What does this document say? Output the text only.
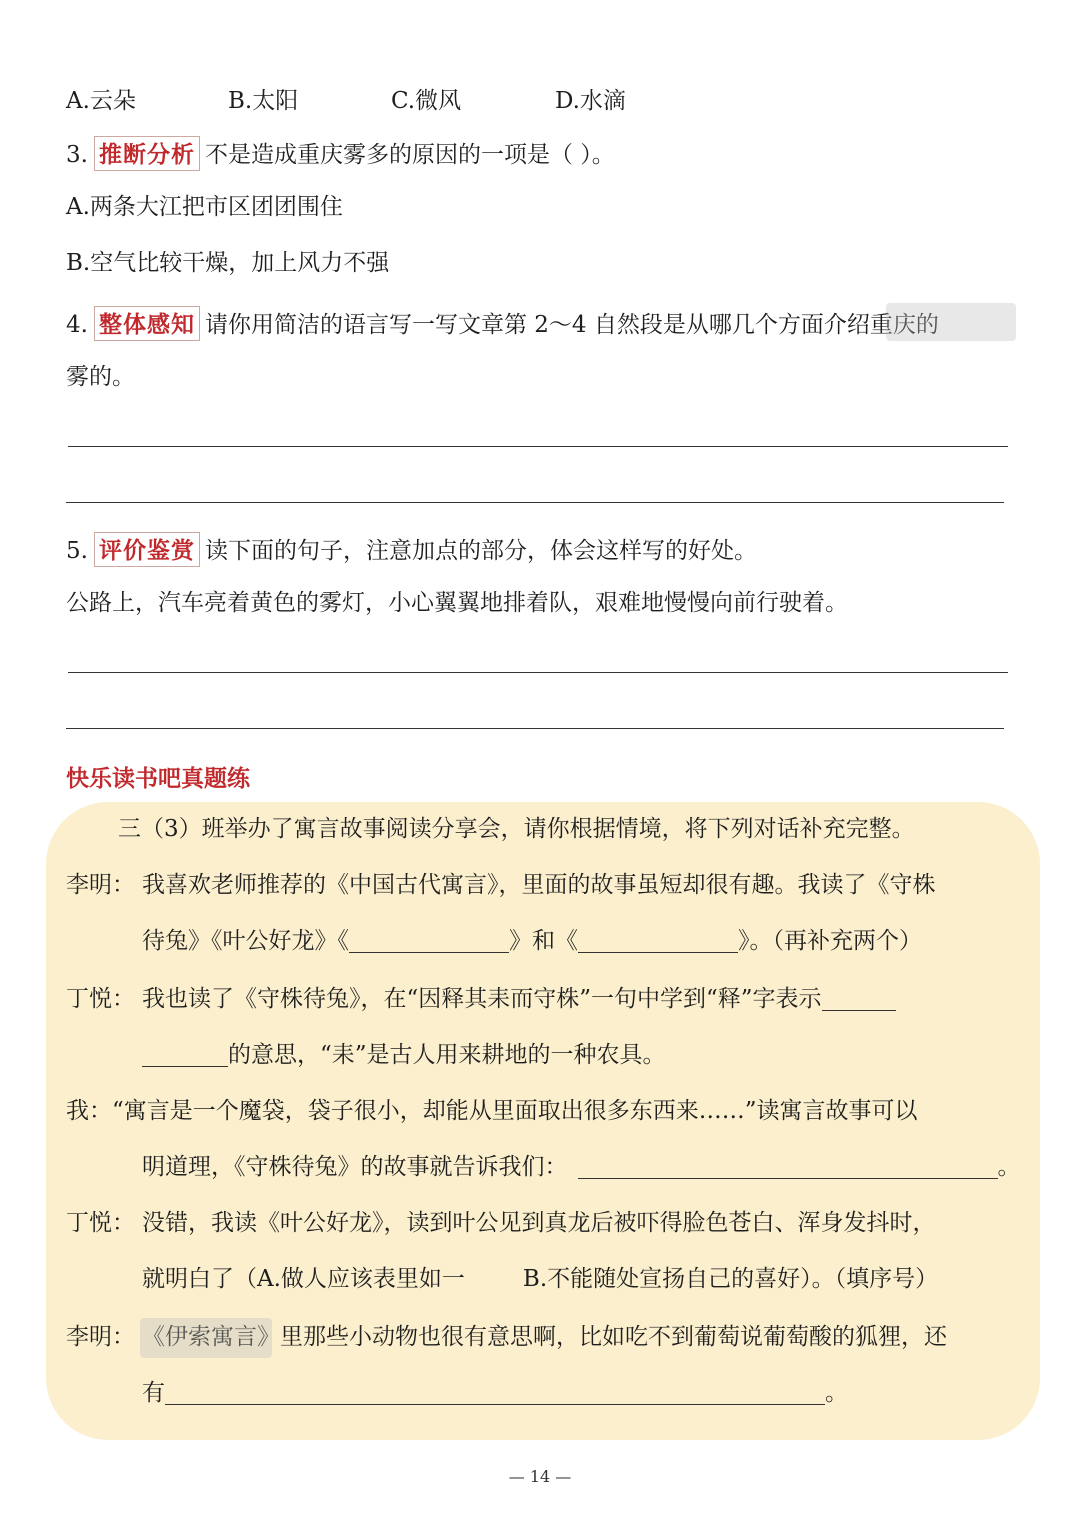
A.云朵	B.太阳	C.微风	D.水滴
3. 推断分析 不是造成重庆雾多的原因的一项是（ ）。
A.两条大江把市区团团围住
B.空气比较干燥，加上风力不强
4. 整体感知 请你用简洁的语言写一写文章第 2～4 自然段是从哪几个方面介绍重庆的
雾的。
5. 评价鉴赏 读下面的句子，注意加点的部分，体会这样写的好处。
公路上，汽车亮着黄色的雾灯，小心翼翼地排着队，艰难地慢慢向前行驶着。
快乐读书吧真题练
三（3）班举办了寓言故事阅读分享会，请你根据情境，将下列对话补充完整。
李明： 我喜欢老师推荐的《中国古代寓言》，里面的故事虽短却很有趣。我读了《守株
待兔》《叶公好龙》《	》和《	》。（再补充两个）
丁悦： 我也读了《守株待兔》，在“因释其耒而守株”一句中学到“释”字表示
的意思，“耒”是古人用来耕地的一种农具。
我：“寓言是一个魔袋，袋子很小，却能从里面取出很多东西来……”读寓言故事可以
明道理，《守株待兔》的故事就告诉我们：	。
丁悦： 没错，我读《叶公好龙》，读到叶公见到真龙后被吓得脸色苍白、浑身发抖时，
就明白了（A.做人应该表里如一	B.不能随处宣扬自己的喜好）。（填序号）
李明： 《伊索寓言》里那些小动物也很有意思啊，比如吃不到葡萄说葡萄酸的狐狸，还
有	。
— 14 —
